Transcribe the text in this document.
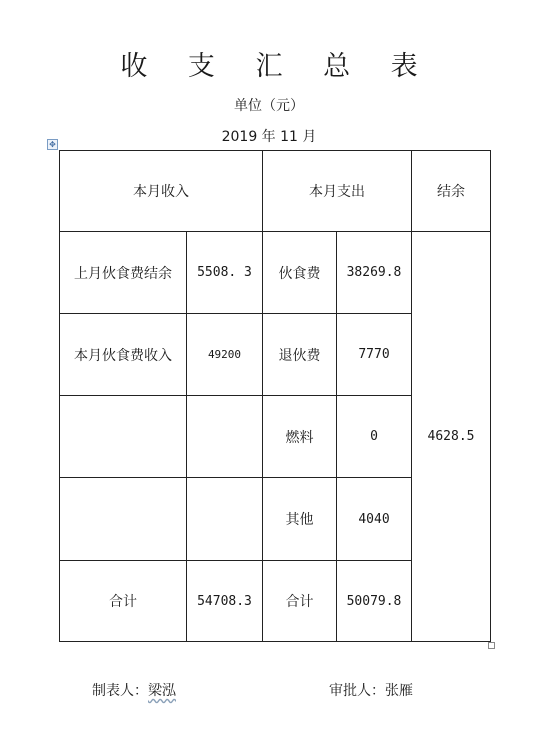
收 支 汇 总 表
单位（元）
2019 年 11 月
✥
本月收入		本月支出		结余
上月伙食费结余	5508. 3	伙食费	38269.8	4628.5
本月伙食费收入	49200	退伙费	7770	
		燃料	0	
		其他	4040	
合计	54708.3	合计	50079.8	
制表人：梁泓	审批人：张雁
